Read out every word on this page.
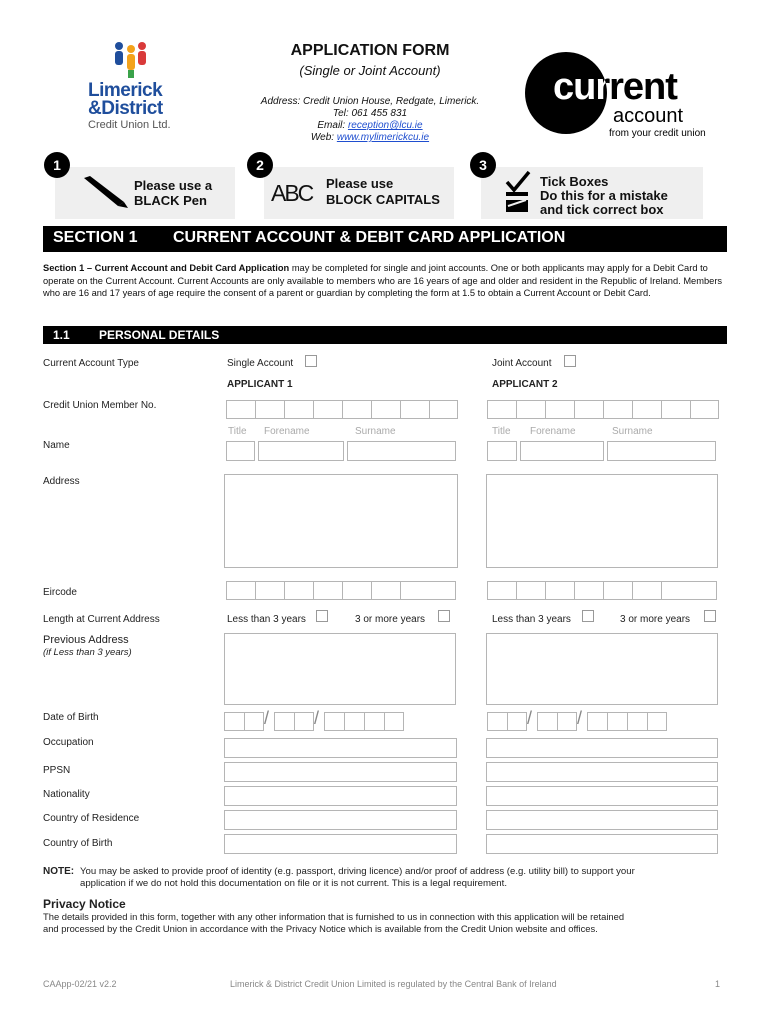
Limerick
&District
Credit Union Ltd.
APPLICATION FORM
(Single or Joint Account)
Address: Credit Union House, Redgate, Limerick.
Tel: 061 455 831
Email: reception@lcu.ie
Web: www.mylimerickcu.ie
current
account
from your credit union
1
Please use a
BLACK Pen
2
ABC Please use
BLOCK CAPITALS
3
Tick Boxes
Do this for a mistake
and tick correct box
SECTION 1 CURRENT ACCOUNT & DEBIT CARD APPLICATION
Section 1 – Current Account and Debit Card Application may be completed for single and joint accounts. One or both applicants may apply for a Debit Card to operate on the Current Account. Current Accounts are only available to members who are 16 years of age and older and resident in the Republic of Ireland. Members who are 16 and 17 years of age require the consent of a parent or guardian by completing the form at 1.5 to obtain a Current Account or Debit Card.
1.1 PERSONAL DETAILS
Current Account Type	Single Account	Joint Account
APPLICANT 1	APPLICANT 2
Credit Union Member No.
Name
Title Forename	Surname	Title Forename	Surname
Address
Eircode
Length at Current Address	Less than 3 years	3 or more years	Less than 3 years	3 or more years
Previous Address
(if Less than 3 years)
Date of Birth	/ /	/ /
Occupation
PPSN
Nationality
Country of Residence
Country of Birth
NOTE: You may be asked to provide proof of identity (e.g. passport, driving licence) and/or proof of address (e.g. utility bill) to support your
application if we do not hold this documentation on file or it is not current. This is a legal requirement.
Privacy Notice
The details provided in this form, together with any other information that is furnished to us in connection with this application will be retained
and processed by the Credit Union in accordance with the Privacy Notice which is available from the Credit Union website and offices.
CAApp-02/21 v2.2	Limerick & District Credit Union Limited is regulated by the Central Bank of Ireland	1
